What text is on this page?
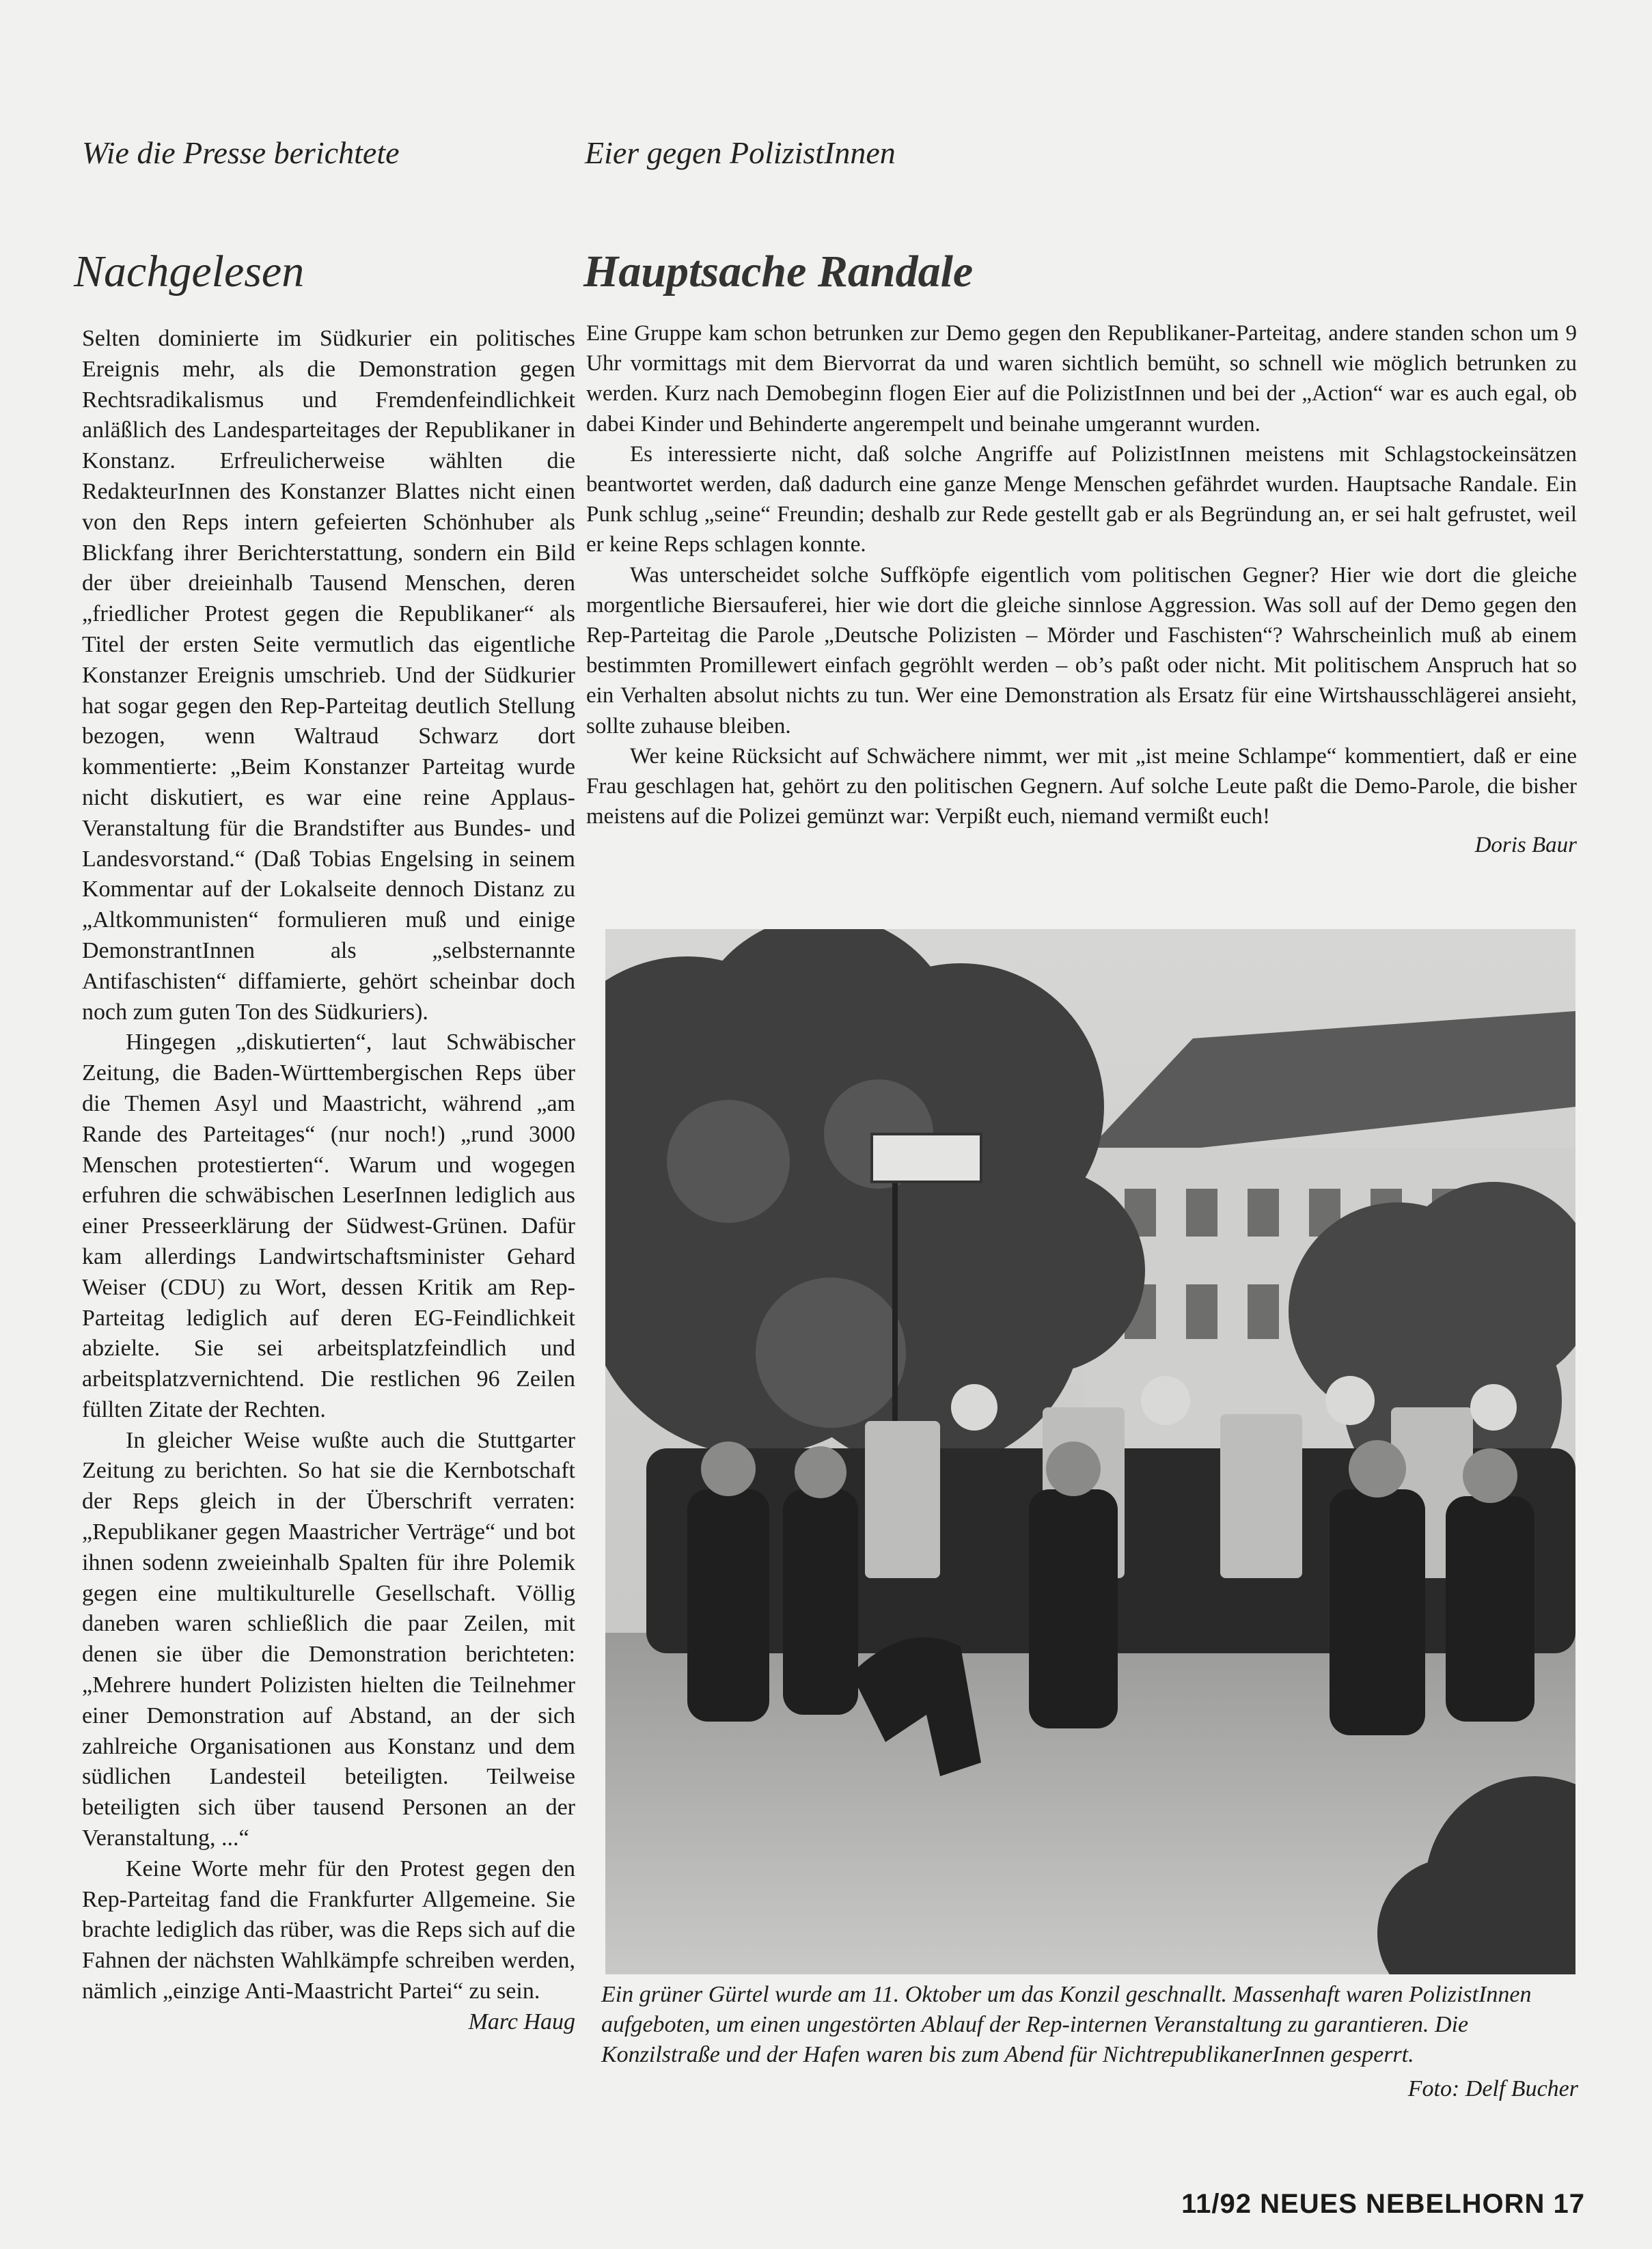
Wie die Presse berichtete
Nachgelesen

Selten dominierte im Südkurier ein politisches Ereignis mehr, als die Demonstration gegen Rechtsradikalismus und Fremdenfeindlichkeit anläßlich des Landesparteitages der Republikaner in Konstanz. Erfreulicherweise wählten die RedakteurInnen des Konstanzer Blattes nicht einen von den Reps intern gefeierten Schönhuber als Blickfang ihrer Berichterstattung, sondern ein Bild der über dreieinhalb Tausend Menschen, deren „friedlicher Protest gegen die Republikaner“ als Titel der ersten Seite vermutlich das eigentliche Konstanzer Ereignis umschrieb. Und der Südkurier hat sogar gegen den Rep-Parteitag deutlich Stellung bezogen, wenn Waltraud Schwarz dort kommentierte: „Beim Konstanzer Parteitag wurde nicht diskutiert, es war eine reine Applaus-Veranstaltung für die Brandstifter aus Bundes- und Landesvorstand.“ (Daß Tobias Engelsing in seinem Kommentar auf der Lokalseite dennoch Distanz zu „Altkommunisten“ formulieren muß und einige DemonstrantInnen als „selbsternannte Antifaschisten“ diffamierte, gehört scheinbar doch noch zum guten Ton des Südkuriers).

Hingegen „diskutierten“, laut Schwäbischer Zeitung, die Baden-Württembergischen Reps über die Themen Asyl und Maastricht, während „am Rande des Parteitages“ (nur noch!) „rund 3000 Menschen protestierten“. Warum und wogegen erfuhren die schwäbischen LeserInnen lediglich aus einer Presseerklärung der Südwest-Grünen. Dafür kam allerdings Landwirtschaftsminister Gehard Weiser (CDU) zu Wort, dessen Kritik am Rep-Parteitag lediglich auf deren EG-Feindlichkeit abzielte. Sie sei arbeitsplatzfeindlich und arbeitsplatzvernichtend. Die restlichen 96 Zeilen füllten Zitate der Rechten.

In gleicher Weise wußte auch die Stuttgarter Zeitung zu berichten. So hat sie die Kernbotschaft der Reps gleich in der Überschrift verraten:„Republikaner gegen Maastricher Verträge“ und bot ihnen sodenn zweieinhalb Spalten für ihre Polemik gegen eine multikulturelle Gesellschaft. Völlig daneben waren schließlich die paar Zeilen, mit denen sie über die Demonstration berichteten:„Mehrere hundert Polizisten hielten die Teilnehmer einer Demonstration auf Abstand, an der sich zahlreiche Organisationen aus Konstanz und dem südlichen Landesteil beteiligten. Teilweise beteiligten sich über tausend Personen an der Veranstaltung, ...“

Keine Worte mehr für den Protest gegen den Rep-Parteitag fand die Frankfurter Allgemeine. Sie brachte lediglich das rüber, was die Reps sich auf die Fahnen der nächsten Wahlkämpfe schreiben werden, nämlich „einzige Anti-Maastricht Partei“ zu sein.
Marc Haug

Eier gegen PolizistInnen
Hauptsache Randale

Eine Gruppe kam schon betrunken zur Demo gegen den Republikaner-Parteitag, andere standen schon um 9 Uhr vormittags mit dem Biervorrat da und waren sichtlich bemüht, so schnell wie möglich betrunken zu werden. Kurz nach Demobeginn flogen Eier auf die PolizistInnen und bei der „Action“ war es auch egal, ob dabei Kinder und Behinderte angerempelt und beinahe umgerannt wurden.

Es interessierte nicht, daß solche Angriffe auf PolizistInnen meistens mit Schlagstockeinsätzen beantwortet werden, daß dadurch eine ganze Menge Menschen gefährdet wurden. Hauptsache Randale. Ein Punk schlug „seine“ Freundin; deshalb zur Rede gestellt gab er als Begründung an, er sei halt gefrustet, weil er keine Reps schlagen konnte.

Was unterscheidet solche Suffköpfe eigentlich vom politischen Gegner? Hier wie dort die gleiche morgentliche Biersauferei, hier wie dort die gleiche sinnlose Aggression. Was soll auf der Demo gegen den Rep-Parteitag die Parole „Deutsche Polizisten – Mörder und Faschisten“? Wahrscheinlich muß ab einem bestimmten Promillewert einfach gegröhlt werden – ob’s paßt oder nicht. Mit politischem Anspruch hat so ein Verhalten absolut nichts zu tun. Wer eine Demonstration als Ersatz für eine Wirtshausschlägerei ansieht, sollte zuhause bleiben.

Wer keine Rücksicht auf Schwächere nimmt, wer mit „ist meine Schlampe“ kommentiert, daß er eine Frau geschlagen hat, gehört zu den politischen Gegnern. Auf solche Leute paßt die Demo-Parole, die bisher meistens auf die Polizei gemünzt war: Verpißt euch, niemand vermißt euch!

Doris Baur

Ein grüner Gürtel wurde am 11. Oktober um das Konzil geschnallt. Massenhaft waren PolizistInnen aufgeboten, um einen ungestörten Ablauf der Rep-internen Veranstaltung zu garantieren. Die Konzilstraße und der Hafen waren bis zum Abend für NichtrepublikanerInnen gesperrt.

Foto: Delf Bucher
11/92 NEUES NEBELHORN 17
